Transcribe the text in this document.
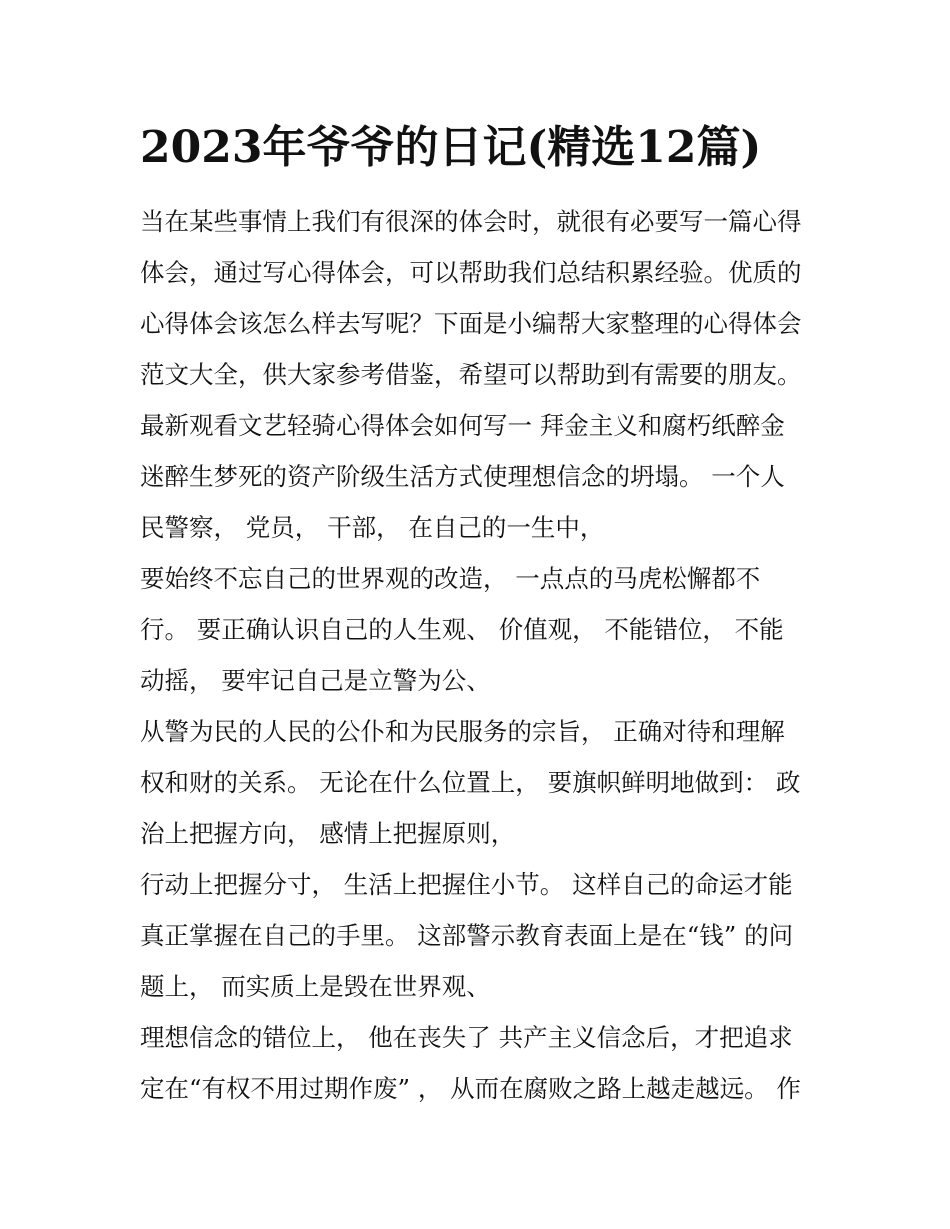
2023年爷爷的日记(精选12篇)
当在某些事情上我们有很深的体会时，就很有必要写一篇心得
体会，通过写心得体会，可以帮助我们总结积累经验。优质的
心得体会该怎么样去写呢？下面是小编帮大家整理的心得体会
范文大全，供大家参考借鉴，希望可以帮助到有需要的朋友。
最新观看文艺轻骑心得体会如何写一 拜金主义和腐朽纸醉金
迷醉生梦死的资产阶级生活方式使理想信念的坍塌。 一个人
民警察， 党员， 干部， 在自己的一生中，
要始终不忘自己的世界观的改造， 一点点的马虎松懈都不
行。 要正确认识自己的人生观、 价值观， 不能错位， 不能
动摇， 要牢记自己是立警为公、
从警为民的人民的公仆和为民服务的宗旨， 正确对待和理解
权和财的关系。 无论在什么位置上， 要旗帜鲜明地做到： 政
治上把握方向， 感情上把握原则，
行动上把握分寸， 生活上把握住小节。 这样自己的命运才能
真正掌握在自己的手里。 这部警示教育表面上是在“钱” 的问
题上， 而实质上是毁在世界观、
理想信念的错位上， 他在丧失了 共产主义信念后，才把追求
定在“有权不用过期作废” ， 从而在腐败之路上越走越远。 作
